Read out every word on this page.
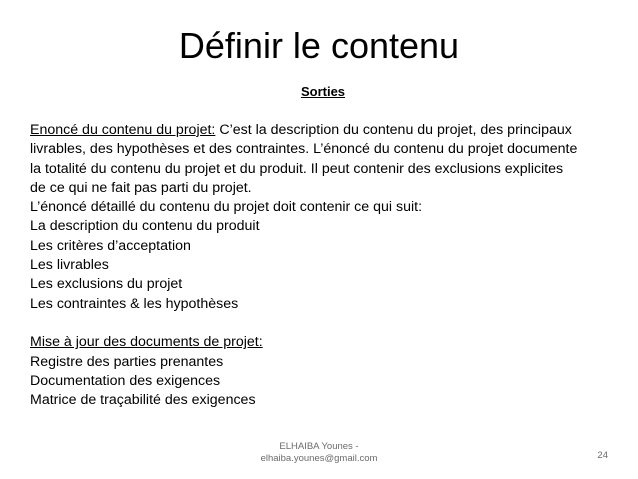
Définir le contenu
Sorties
Enoncé du contenu du projet: C’est la description du contenu du projet, des principaux
livrables, des hypothèses et des contraintes. L’énoncé du contenu du projet documente
la totalité du contenu du projet et du produit. Il peut contenir des exclusions explicites
de ce qui ne fait pas parti du projet.
L’énoncé détaillé du contenu du projet doit contenir ce qui suit:
La description du contenu du produit
Les critères d’acceptation
Les livrables
Les exclusions du projet
Les contraintes & les hypothèses
Mise à jour des documents de projet:
Registre des parties prenantes
Documentation des exigences
Matrice de traçabilité des exigences
ELHAIBA Younes -
elhaiba.younes@gmail.com	24
